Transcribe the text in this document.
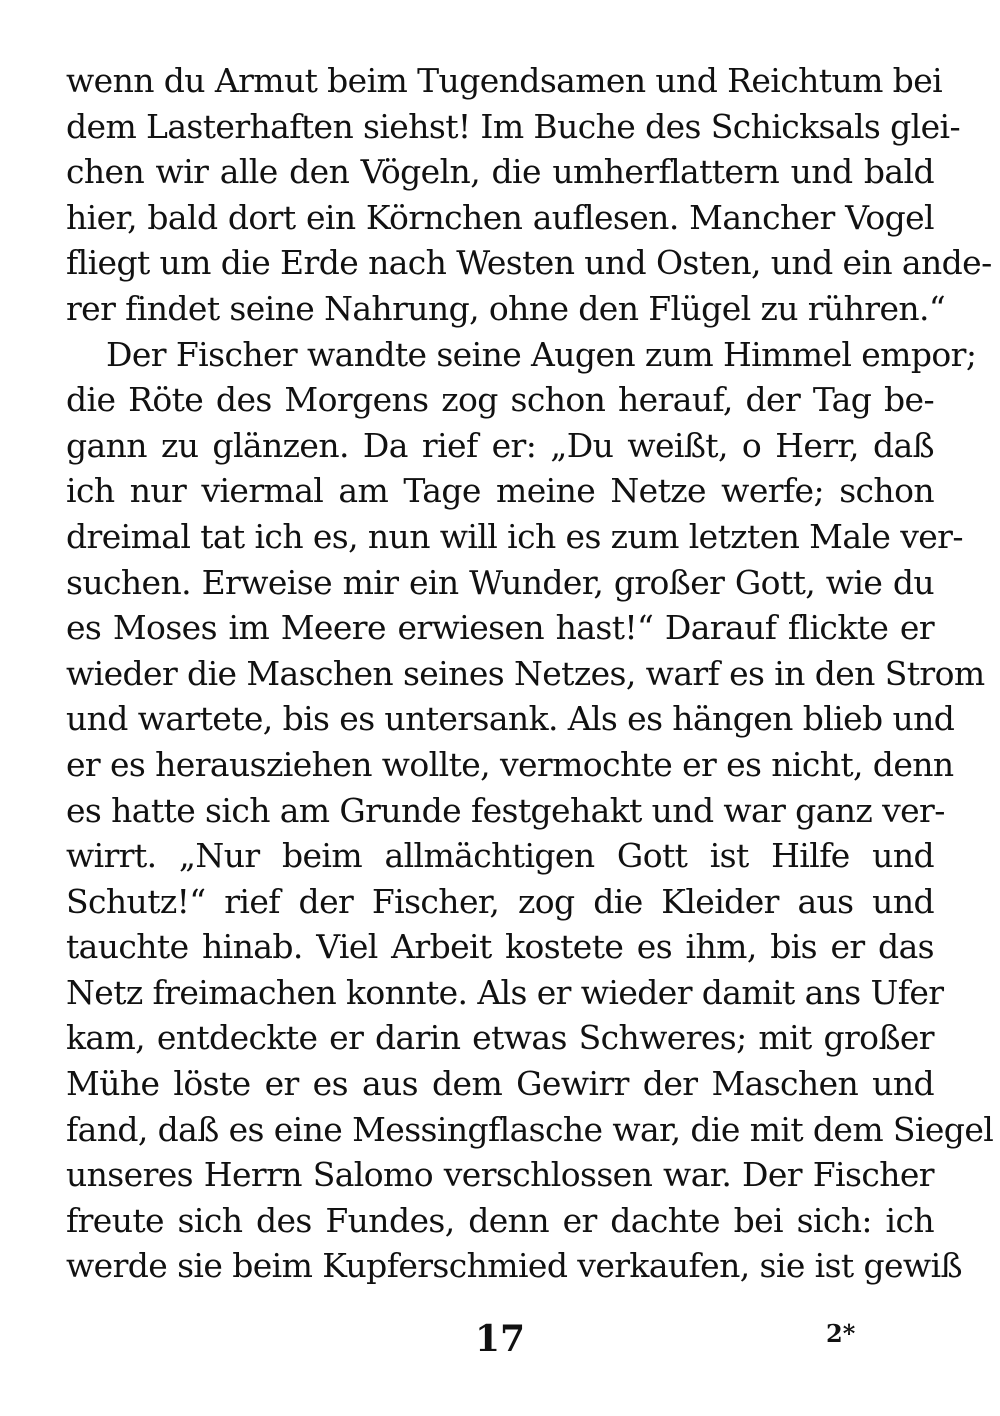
wenn du Armut beim Tugendsamen und Reichtum bei
dem Lasterhaften siehst! Im Buche des Schicksals glei-
chen wir alle den Vögeln, die umherflattern und bald
hier, bald dort ein Körnchen auflesen. Mancher Vogel
fliegt um die Erde nach Westen und Osten, und ein ande-
rer findet seine Nahrung, ohne den Flügel zu rühren.“
Der Fischer wandte seine Augen zum Himmel empor;
die Röte des Morgens zog schon herauf, der Tag be-
gann zu glänzen. Da rief er: „Du weißt, o Herr, daß
ich nur viermal am Tage meine Netze werfe; schon
dreimal tat ich es, nun will ich es zum letzten Male ver-
suchen. Erweise mir ein Wunder, großer Gott, wie du
es Moses im Meere erwiesen hast!“ Darauf flickte er
wieder die Maschen seines Netzes, warf es in den Strom
und wartete, bis es untersank. Als es hängen blieb und
er es herausziehen wollte, vermochte er es nicht, denn
es hatte sich am Grunde festgehakt und war ganz ver-
wirrt. „Nur beim allmächtigen Gott ist Hilfe und
Schutz!“ rief der Fischer, zog die Kleider aus und
tauchte hinab. Viel Arbeit kostete es ihm, bis er das
Netz freimachen konnte. Als er wieder damit ans Ufer
kam, entdeckte er darin etwas Schweres; mit großer
Mühe löste er es aus dem Gewirr der Maschen und
fand, daß es eine Messingflasche war, die mit dem Siegel
unseres Herrn Salomo verschlossen war. Der Fischer
freute sich des Fundes, denn er dachte bei sich: ich
werde sie beim Kupferschmied verkaufen, sie ist gewiß
17	2*
